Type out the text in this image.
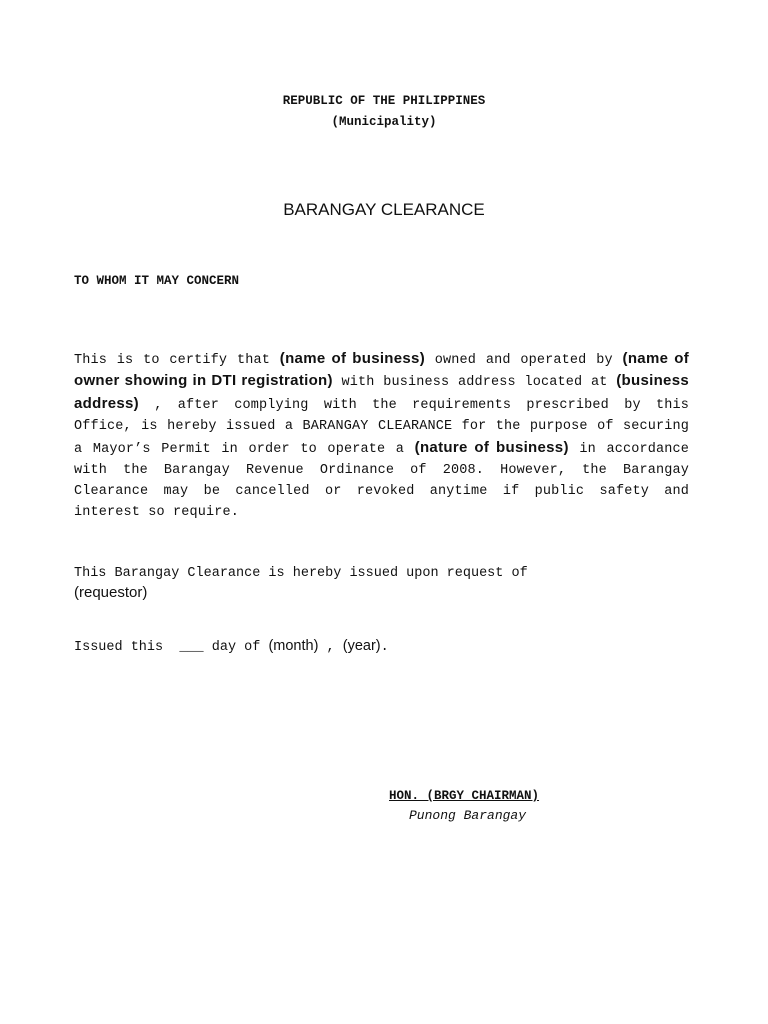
REPUBLIC OF THE PHILIPPINES
(Municipality)
BARANGAY CLEARANCE
TO WHOM IT MAY CONCERN

This is to certify that (name of business) owned and operated by (name of owner showing in DTI registration) with business address located at (business address) , after complying with the requirements prescribed by this Office, is hereby issued a BARANGAY CLEARANCE for the purpose of securing a Mayor’s Permit in order to operate a (nature of business) in accordance with the Barangay Revenue Ordinance of 2008. However, the Barangay Clearance may be cancelled or revoked anytime if public safety and interest so require.

This Barangay Clearance is hereby issued upon request of
(requestor)
Issued this  ___ day of (month) , (year).
HON. (BRGY CHAIRMAN)
Punong Barangay
